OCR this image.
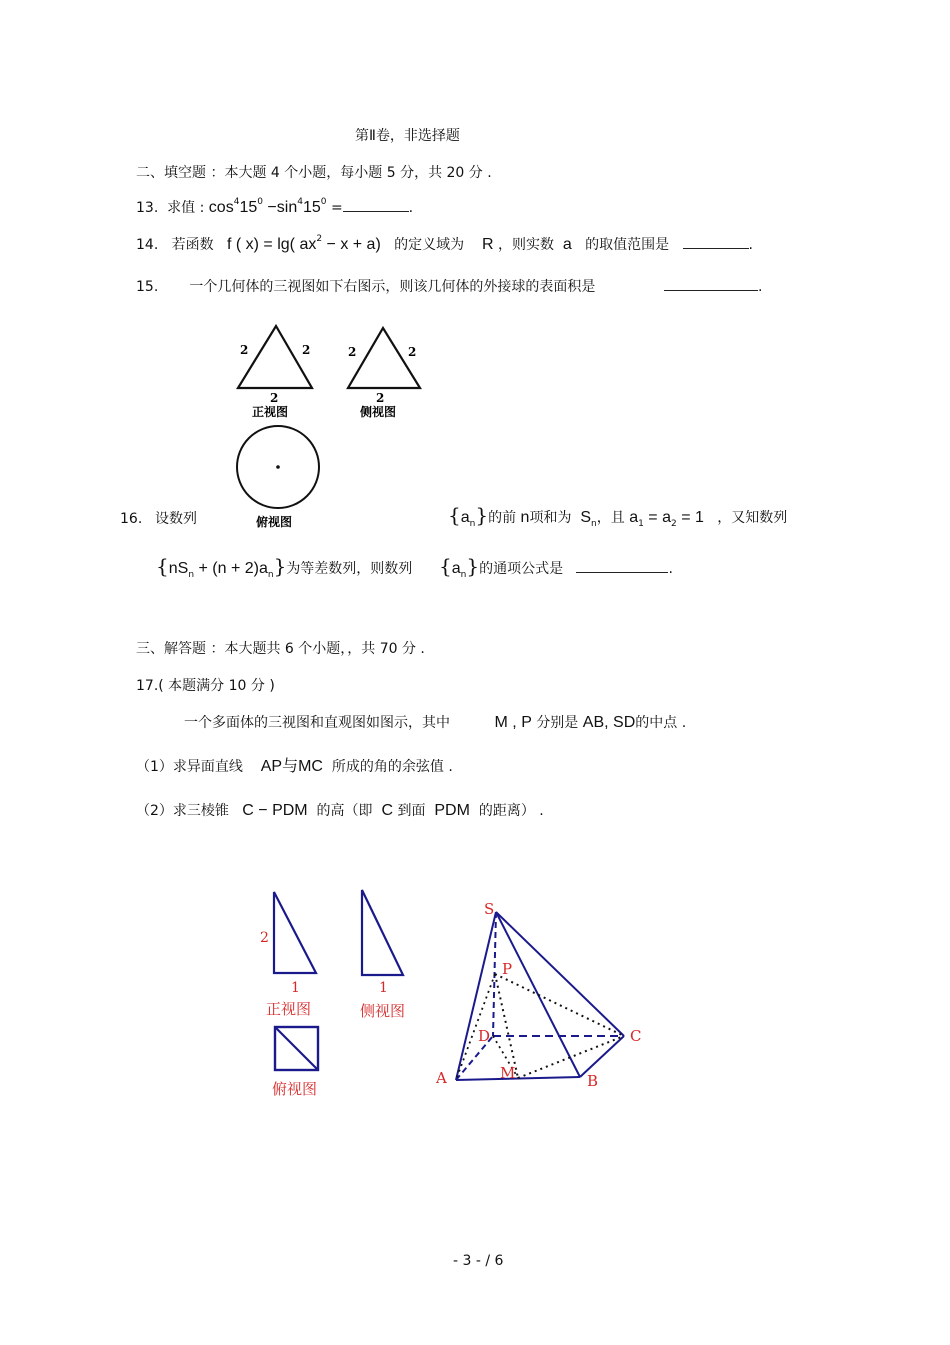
第Ⅱ卷，非选择题
二、填空题 ：本大题 4 个小题，每小题 5 分，共 20 分 .
13. 求值 : $\cos^415^0 -\sin^415^0$ =	.
14. 若函数 f ( x) = lg( $ax^2 - x + a$) 的定义域为 R ，则实数 a 的取值范围是	.
15. 一个几何体的三视图如下右图示，则该几何体的外接球的表面积是	.
2	2
2
正视图
2	2
2
侧视图
俯视图
16. 设数列	$\{a_n\}$的前 n项和为 $S_n$，且 $a_1 = a_2 = 1$ ，又知数列
$\{nS_n + (n + 2)a_n\}$为等差数列，则数列 $\{a_n\}$的通项公式是	.
三、解答题 ：本大题共 6 个小题，，共 70 分 .
17.( 本题满分 10 分 )
一个多面体的三视图和直观图如图示，其中	M , P 分别是 AB, SD的中点 .
（1）求异面直线 AP与MC 所成的角的余弦值 .
（2）求三棱锥 C − PDM 的高（即 C 到面 PDM 的距离） .
2
1
正视图
1
侧视图
俯视图
S
P
D	C
A	M	B
- 3 - / 6
